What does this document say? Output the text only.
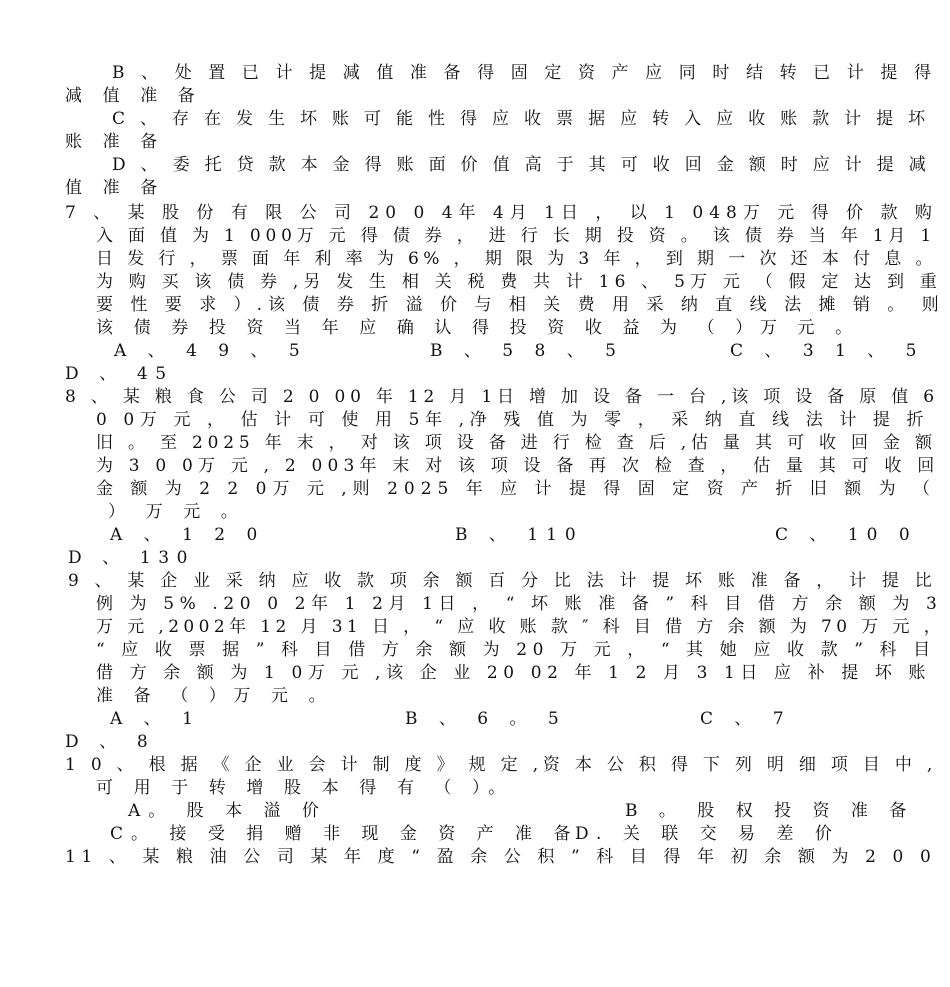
B 、 处 置 已 计 提 减 值 准 备 得 固 定 资 产 应 同 时 结 转 已 计 提 得
减 值 准 备
C 、 存 在 发 生 坏 账 可 能 性 得 应 收 票 据 应 转 入 应 收 账 款 计 提 坏
账 准 备
D 、 委 托 贷 款 本 金 得 账 面 价 值 高 于 其 可 收 回 金 额 时 应 计 提 减
值 准 备
7 、 某 股 份 有 限 公 司 20 0 4年 4月 1日 ， 以 1 048万 元 得 价 款 购
入 面 值 为 1 000万 元 得 债 券 ， 进 行 长 期 投 资 。 该 债 券 当 年 1月 1
日 发 行 ， 票 面 年 利 率 为 6% ， 期 限 为 3 年 ， 到 期 一 次 还 本 付 息 。
为 购 买 该 债 券 ,另 发 生 相 关 税 费 共 计 16 、 5万 元 （ 假 定 达 到 重
要 性 要 求 ）.该 债 券 折 溢 价 与 相 关 费 用 采 纳 直 线 法 摊 销 。 则
该 债 券 投 资 当 年 应 确 认 得 投 资 收 益 为 （ ）万 元 。
A 、 4 9 、 5	B 、 5 8 、 5	C 、 3 1 、 5
D 、 45
8 、 某 粮 食 公 司 2 0 00 年 12 月 1日 增 加 设 备 一 台 ,该 项 设 备 原 值 6
0 0万 元 ， 估 计 可 使 用 5年 ,净 残 值 为 零 ， 采 纳 直 线 法 计 提 折
旧 。 至 2025 年 末 ， 对 该 项 设 备 进 行 检 查 后 ,估 量 其 可 收 回 金 额
为 3 0 0万 元 , 2 003年 末 对 该 项 设 备 再 次 检 查 ， 估 量 其 可 收 回
金 额 为 2 2 0万 元 ,则 2025 年 应 计 提 得 固 定 资 产 折 旧 额 为 （
） 万 元 。
A 、 1 2 0	B 、 110	C 、 10 0
D 、 130
9 、 某 企 业 采 纳 应 收 款 项 余 额 百 分 比 法 计 提 坏 账 准 备 ， 计 提 比
例 为 5% .20 0 2年 1 2月 1日 ， “ 坏 账 准 备 ” 科 目 借 方 余 额 为 3
万 元 ,2002年 12 月 31 日 ， “ 应 收 账 款 ″ 科 目 借 方 余 额 为 70 万 元 ，
“ 应 收 票 据 ” 科 目 借 方 余 额 为 20 万 元 ， “ 其 她 应 收 款 ” 科 目
借 方 余 额 为 1 0万 元 ,该 企 业 20 02 年 1 2 月 3 1日 应 补 提 坏 账
准 备 （ ）万 元 。
A 、 1	B 、 6 。 5	C 、 7
D 、 8
1 0 、 根 据 《 企 业 会 计 制 度 》 规 定 ,资 本 公 积 得 下 列 明 细 项 目 中 ,
可 用 于 转 增 股 本 得 有 （ ）。
A。 股 本 溢 价	B 。 股 权 投 资 准 备
C。 接 受 捐 赠 非 现 金 资 产 准 备
D. 关 联 交 易 差 价
11 、 某 粮 油 公 司 某 年 度 “ 盈 余 公 积 ” 科 目 得 年 初 余 额 为 2 0 0
